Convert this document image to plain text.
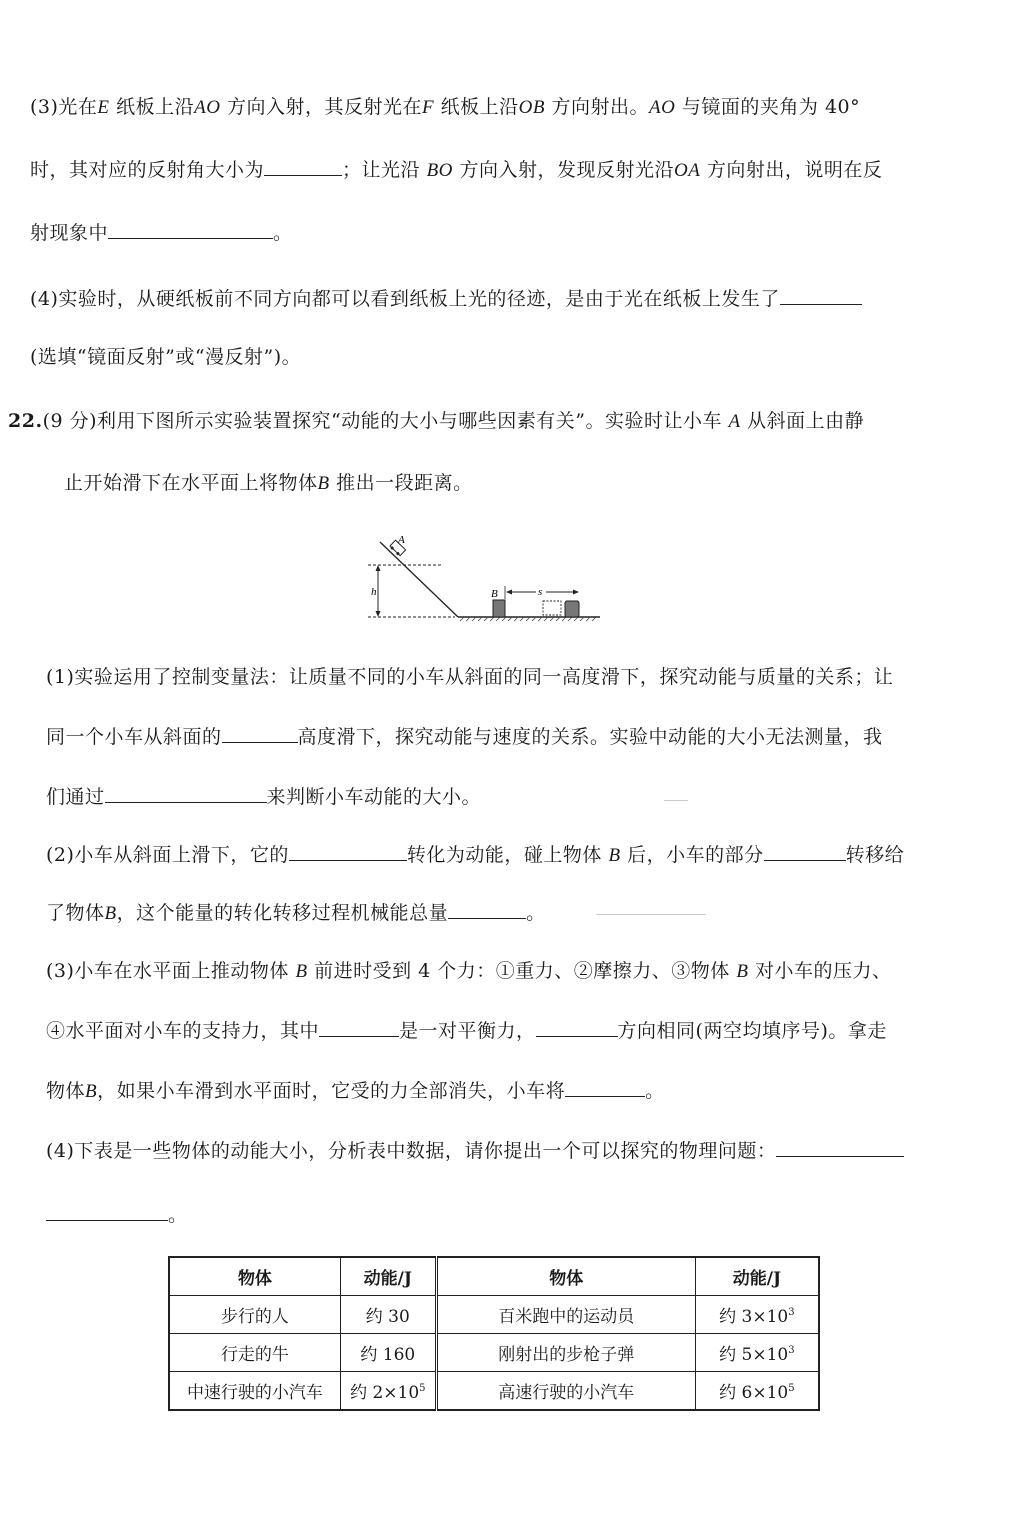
(3)光在E 纸板上沿AO 方向入射，其反射光在F 纸板上沿OB 方向射出。AO 与镜面的夹角为 40°
时，其对应的反射角大小为	；让光沿 BO 方向入射，发现反射光沿OA 方向射出，说明在反
射现象中	。
(4)实验时，从硬纸板前不同方向都可以看到纸板上光的径迹，是由于光在纸板上发生了
(选填“镜面反射”或“漫反射”)。
22.(9 分)利用下图所示实验装置探究“动能的大小与哪些因素有关”。实验时让小车 A 从斜面上由静
止开始滑下在水平面上将物体B 推出一段距离。
h
A
B	s
(1)实验运用了控制变量法：让质量不同的小车从斜面的同一高度滑下，探究动能与质量的关系；让
同一个小车从斜面的	高度滑下，探究动能与速度的关系。实验中动能的大小无法测量，我
们通过	来判断小车动能的大小。
(2)小车从斜面上滑下，它的	转化为动能，碰上物体 B 后，小车的部分	转移给
了物体B，这个能量的转化转移过程机械能总量	。
(3)小车在水平面上推动物体 B 前进时受到 4 个力：①重力、②摩擦力、③物体 B 对小车的压力、
④水平面对小车的支持力，其中	是一对平衡力，	方向相同(两空均填序号)。拿走
物体B，如果小车滑到水平面时，它受的力全部消失，小车将	。
(4)下表是一些物体的动能大小，分析表中数据，请你提出一个可以探究的物理问题：
。
物体	动能/J	物体	动能/J
步行的人	约 30	百米跑中的运动员	约 $3\times 10^3$
行走的牛	约 160	刚射出的步枪子弹	约 $5\times 10^3$
中速行驶的小汽车	约 $2\times 10^5$	高速行驶的小汽车	约 $6\times 10^5$
